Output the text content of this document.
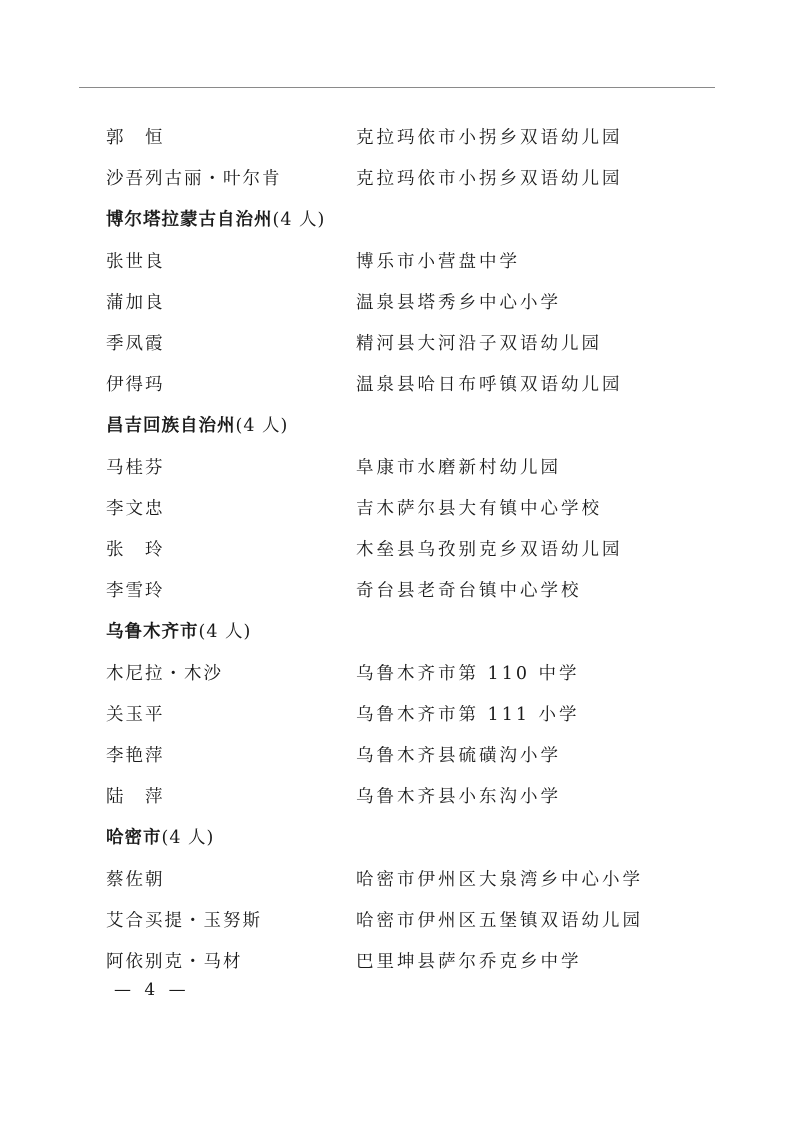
郭　恒	克拉玛依市小拐乡双语幼儿园
沙吾列古丽・叶尔肯	克拉玛依市小拐乡双语幼儿园
博尔塔拉蒙古自治州(4 人)
张世良	博乐市小营盘中学
蒲加良	温泉县塔秀乡中心小学
季凤霞	精河县大河沿子双语幼儿园
伊得玛	温泉县哈日布呼镇双语幼儿园
昌吉回族自治州(4 人)
马桂芬	阜康市水磨新村幼儿园
李文忠	吉木萨尔县大有镇中心学校
张　玲	木垒县乌孜别克乡双语幼儿园
李雪玲	奇台县老奇台镇中心学校
乌鲁木齐市(4 人)
木尼拉・木沙	乌鲁木齐市第 110 中学
关玉平	乌鲁木齐市第 111 小学
李艳萍	乌鲁木齐县硫磺沟小学
陆　萍	乌鲁木齐县小东沟小学
哈密市(4 人)
蔡佐朝	哈密市伊州区大泉湾乡中心小学
艾合买提・玉努斯	哈密市伊州区五堡镇双语幼儿园
阿依别克・马材	巴里坤县萨尔乔克乡中学
— 4 —
